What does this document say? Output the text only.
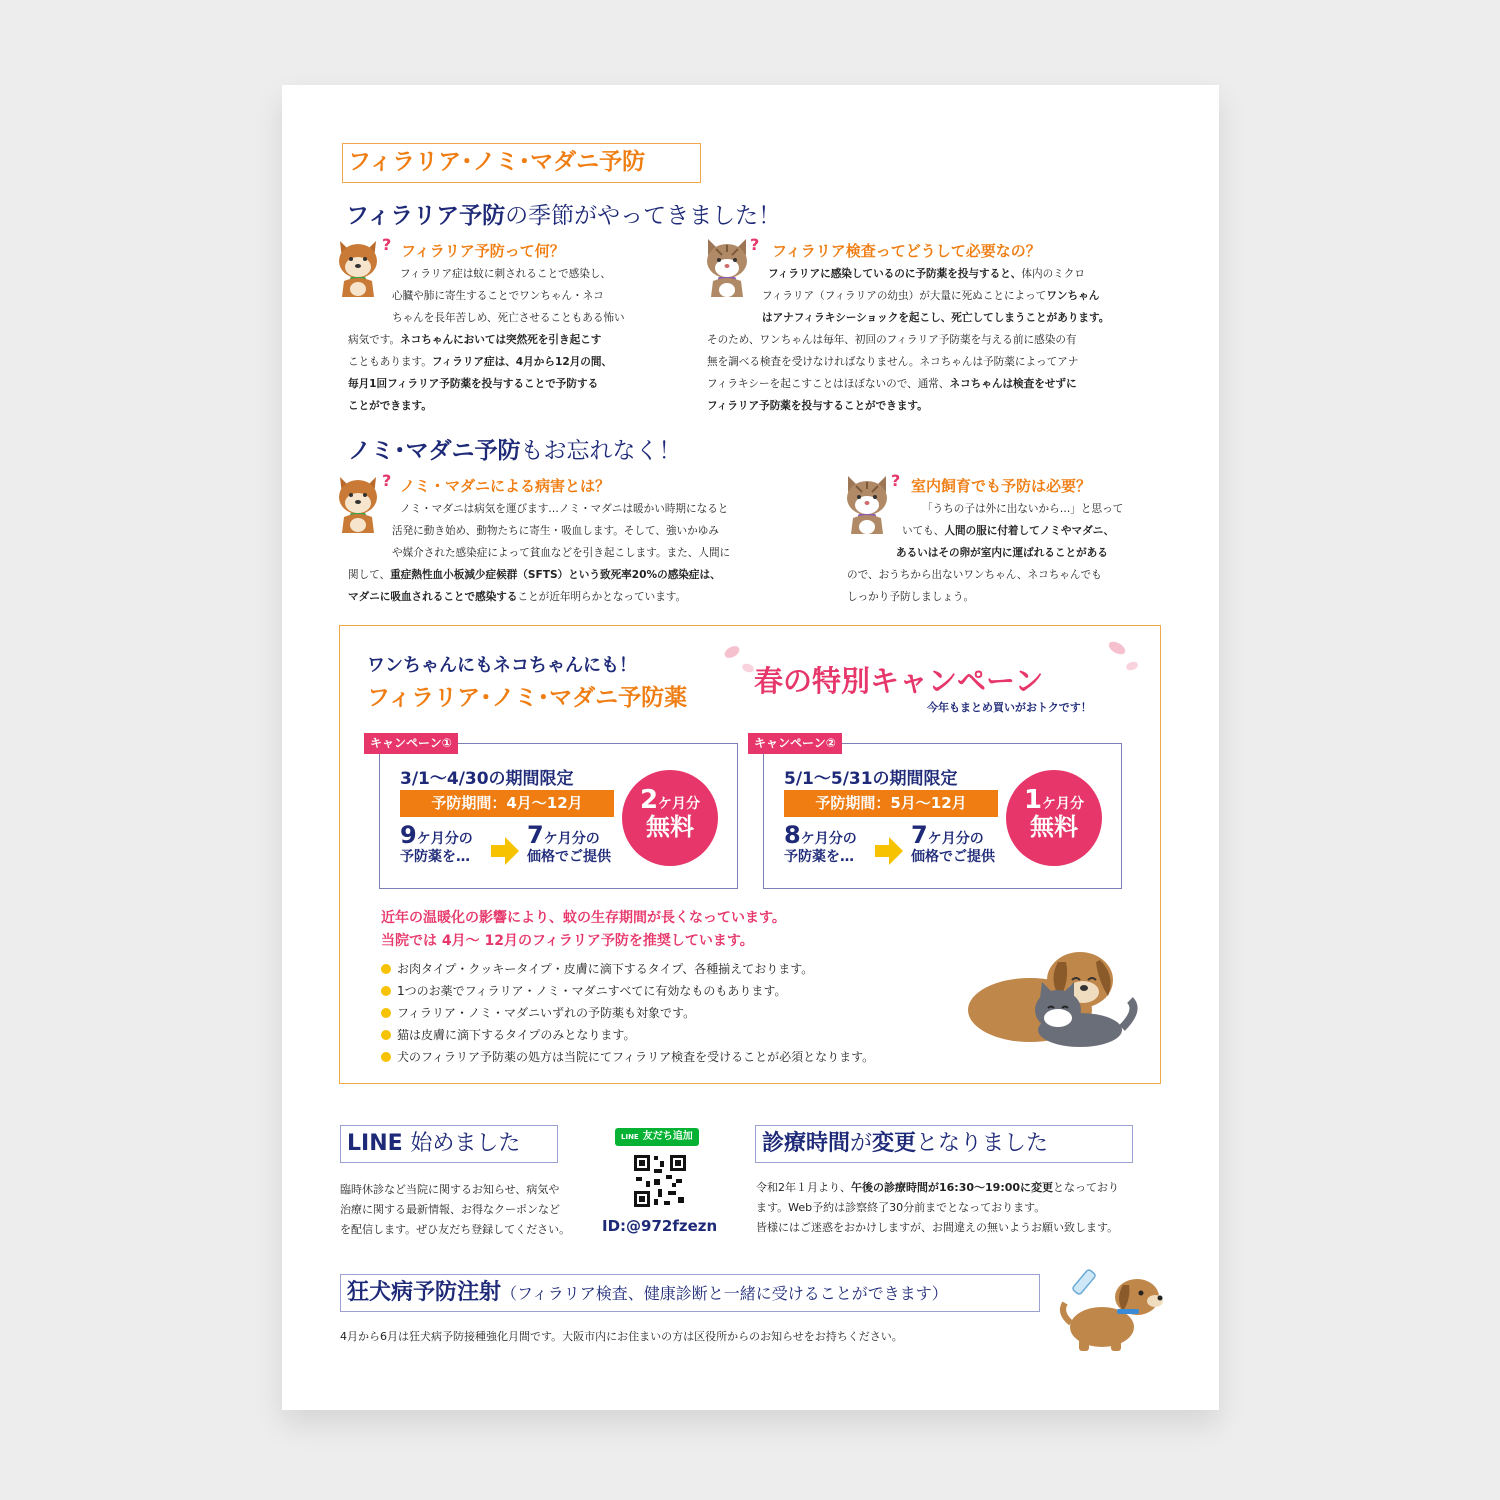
フィラリア･ノミ･マダニ予防
フィラリア予防の季節がやってきました！
? フィラリア予防って何？
フィラリア症は蚊に刺されることで感染し、
心臓や肺に寄生することでワンちゃん・ネコ
ちゃんを長年苦しめ、死亡させることもある怖い
病気です。ネコちゃんにおいては突然死を引き起こす
こともあります。フィラリア症は、4月から12月の間、
毎月1回フィラリア予防薬を投与することで予防する
ことができます。
? フィラリア検査ってどうして必要なの？
フィラリアに感染しているのに予防薬を投与すると、体内のミクロ
フィラリア（フィラリアの幼虫）が大量に死ぬことによってワンちゃん
はアナフィラキシーショックを起こし、死亡してしまうことがあります。
そのため、ワンちゃんは毎年、初回のフィラリア予防薬を与える前に感染の有
無を調べる検査を受けなければなりません。ネコちゃんは予防薬によってアナ
フィラキシーを起こすことはほぼないので、通常、ネコちゃんは検査をせずに
フィラリア予防薬を投与することができます。
ノミ･マダニ予防もお忘れなく！
? ノミ・マダニによる病害とは？
ノミ・マダニは病気を運びます…ノミ・マダニは暖かい時期になると
活発に動き始め、動物たちに寄生・吸血します。そして、強いかゆみ
や媒介された感染症によって貧血などを引き起こします。また、人間に
関して、重症熱性血小板減少症候群（SFTS）という致死率20%の感染症は、
マダニに吸血されることで感染することが近年明らかとなっています。
? 室内飼育でも予防は必要？
「うちの子は外に出ないから…」と思って
いても、人間の服に付着してノミやマダニ、
あるいはその卵が室内に運ばれることがある
ので、おうちから出ないワンちゃん、ネコちゃんでも
しっかり予防しましょう。
ワンちゃんにもネコちゃんにも！
フィラリア･ノミ･マダニ予防薬 春の特別キャンペーン
今年もまとめ買いがおトクです！
キャンペーン①
3/1～4/30の期間限定
予防期間：4月～12月
9ケ月分の
予防薬を…
7ケ月分の
価格でご提供
2ケ月分
無料
キャンペーン②
5/1～5/31の期間限定
予防期間：5月～12月
8ケ月分の
予防薬を…
7ケ月分の
価格でご提供
1ケ月分
無料
近年の温暖化の影響により、蚊の生存期間が長くなっています。
当院では 4月～ 12月のフィラリア予防を推奨しています。
お肉タイプ・クッキータイプ・皮膚に滴下するタイプ、各種揃えております。
1つのお薬でフィラリア・ノミ・マダニすべてに有効なものもあります。
フィラリア・ノミ・マダニいずれの予防薬も対象です。
猫は皮膚に滴下するタイプのみとなります。
犬のフィラリア予防薬の処方は当院にてフィラリア検査を受けることが必須となります。
LINE 始めました
臨時休診など当院に関するお知らせ、病気や
治療に関する最新情報、お得なクーポンなど
を配信します。ぜひ友だち登録してください。
LINE 友だち追加
ID:@972fzezn
診療時間が変更となりました
令和2年１月より、午後の診療時間が16:30～19:00に変更となっており
ます。Web予約は診察終了30分前までとなっております。
皆様にはご迷惑をおかけしますが、お間違えの無いようお願い致します。
狂犬病予防注射（フィラリア検査、健康診断と一緒に受けることができます）
4月から6月は狂犬病予防接種強化月間です。大阪市内にお住まいの方は区役所からのお知らせをお持ちください。
